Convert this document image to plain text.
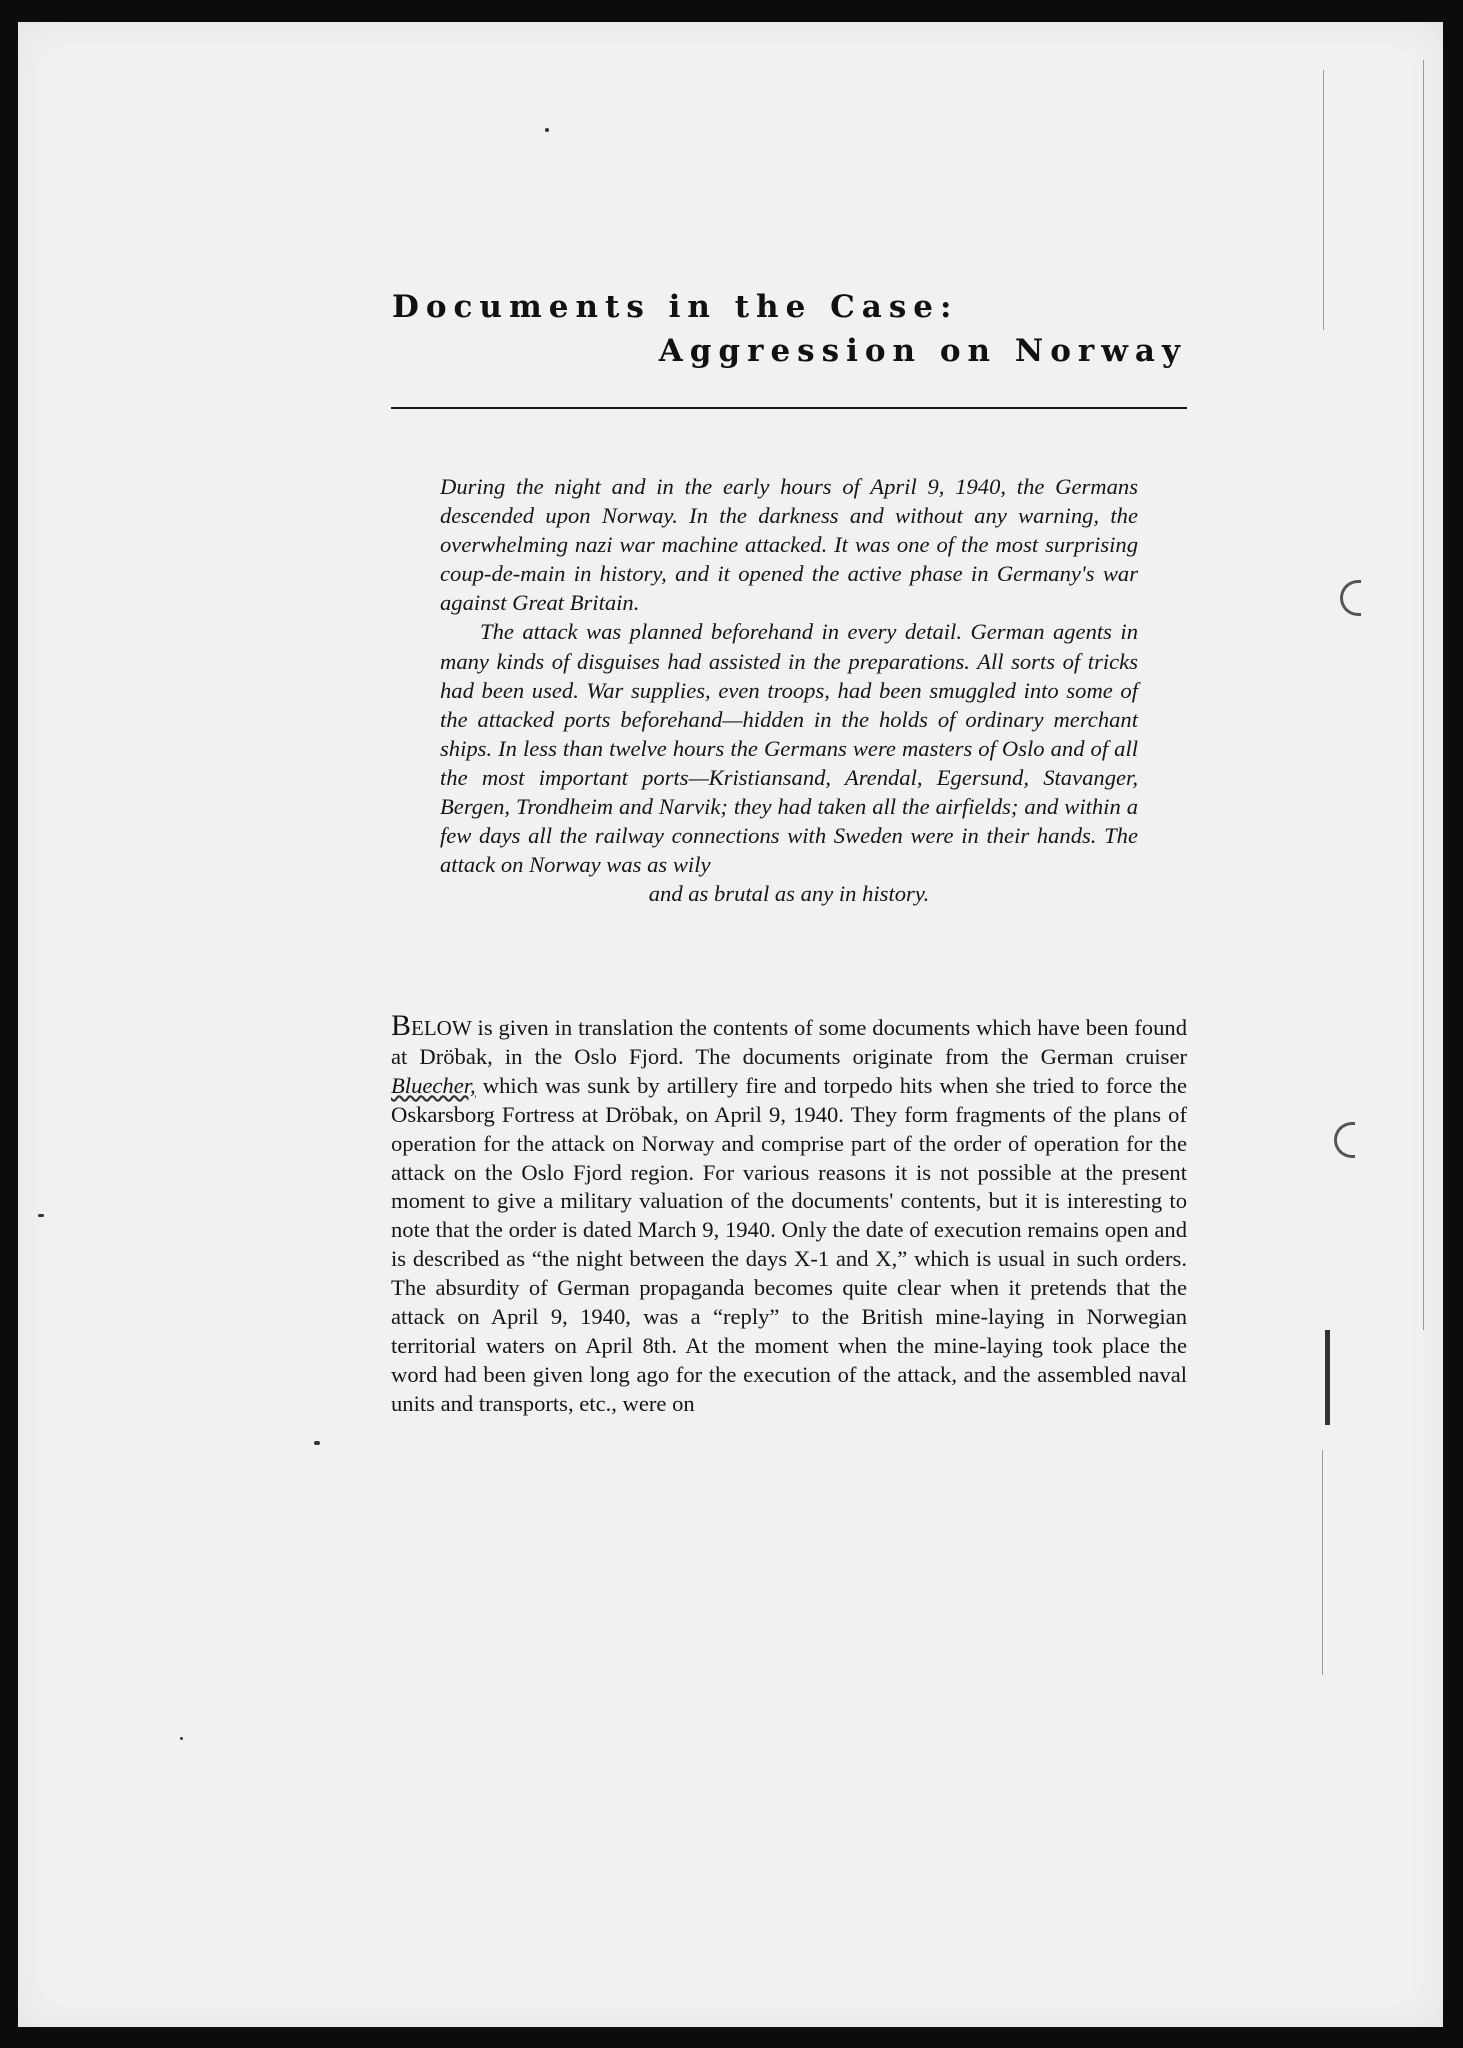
Documents in the Case:
Aggression on Norway

During the night and in the early hours of April 9, 1940, the Germans descended upon Norway. In the darkness and without any warning, the overwhelming nazi war machine attacked. It was one of the most surprising coup-de-main in history, and it opened the active phase in Germany's war against Great Britain.

The attack was planned beforehand in every detail. German agents in many kinds of disguises had assisted in the preparations. All sorts of tricks had been used. War supplies, even troops, had been smuggled into some of the attacked ports beforehand—hidden in the holds of ordinary merchant ships. In less than twelve hours the Germans were masters of Oslo and of all the most important ports—Kristiansand, Arendal, Egersund, Stavanger, Bergen, Trondheim and Narvik; they had taken all the airfields; and within a few days all the railway connections with Sweden were in their hands. The attack on Norway was as wily

and as brutal as any in history.

Below is given in translation the contents of some documents which have been found at Dröbak, in the Oslo Fjord. The documents originate from the German cruiser Bluecher, which was sunk by artillery fire and torpedo hits when she tried to force the Oskarsborg Fortress at Dröbak, on April 9, 1940. They form fragments of the plans of operation for the attack on Norway and comprise part of the order of operation for the attack on the Oslo Fjord region. For various reasons it is not possible at the present moment to give a military valuation of the documents' contents, but it is interesting to note that the order is dated March 9, 1940. Only the date of execution remains open and is described as “the night between the days X-1 and X,” which is usual in such orders. The absurdity of German propaganda becomes quite clear when it pretends that the attack on April 9, 1940, was a “reply” to the British mine-laying in Norwegian territorial waters on April 8th. At the moment when the mine-laying took place the word had been given long ago for the execution of the attack, and the assembled naval units and transports, etc., were on
